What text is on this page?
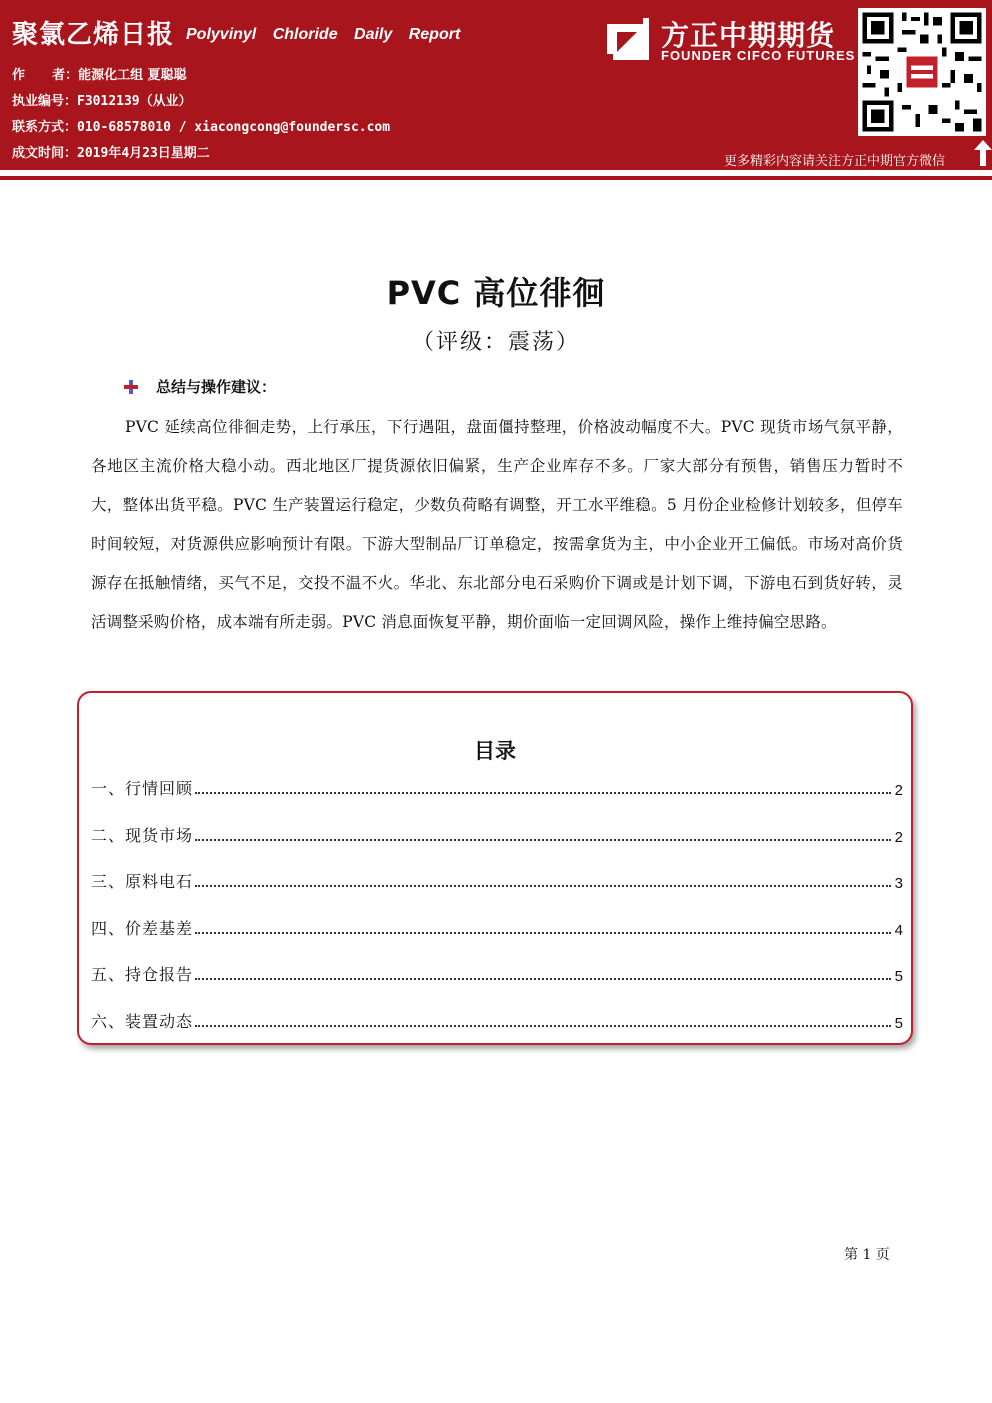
聚氯乙烯日报 Polyvinyl Chloride Daily Report
作      者：能源化工组 夏聪聪
执业编号：F3012139（从业）
联系方式：010-68578010 / xiacongcong@foundersc.com
成文时间：2019年4月23日星期二
方正中期期货
FOUNDER CIFCO FUTURES
更多精彩内容请关注方正中期官方微信
PVC 高位徘徊
（评级：震荡）
总结与操作建议：
PVC 延续高位徘徊走势，上行承压，下行遇阻，盘面僵持整理，价格波动幅度不大。PVC 现货市场气氛平静，各地区主流价格大稳小动。西北地区厂提货源依旧偏紧，生产企业库存不多。厂家大部分有预售，销售压力暂时不大，整体出货平稳。PVC 生产装置运行稳定，少数负荷略有调整，开工水平维稳。5 月份企业检修计划较多，但停车时间较短，对货源供应影响预计有限。下游大型制品厂订单稳定，按需拿货为主，中小企业开工偏低。市场对高价货源存在抵触情绪，买气不足，交投不温不火。华北、东北部分电石采购价下调或是计划下调，下游电石到货好转，灵活调整采购价格，成本端有所走弱。PVC 消息面恢复平静，期价面临一定回调风险，操作上维持偏空思路。
目录
一、行情回顾	2
二、现货市场	2
三、原料电石	3
四、价差基差	4
五、持仓报告	5
六、装置动态	5
第 1 页
